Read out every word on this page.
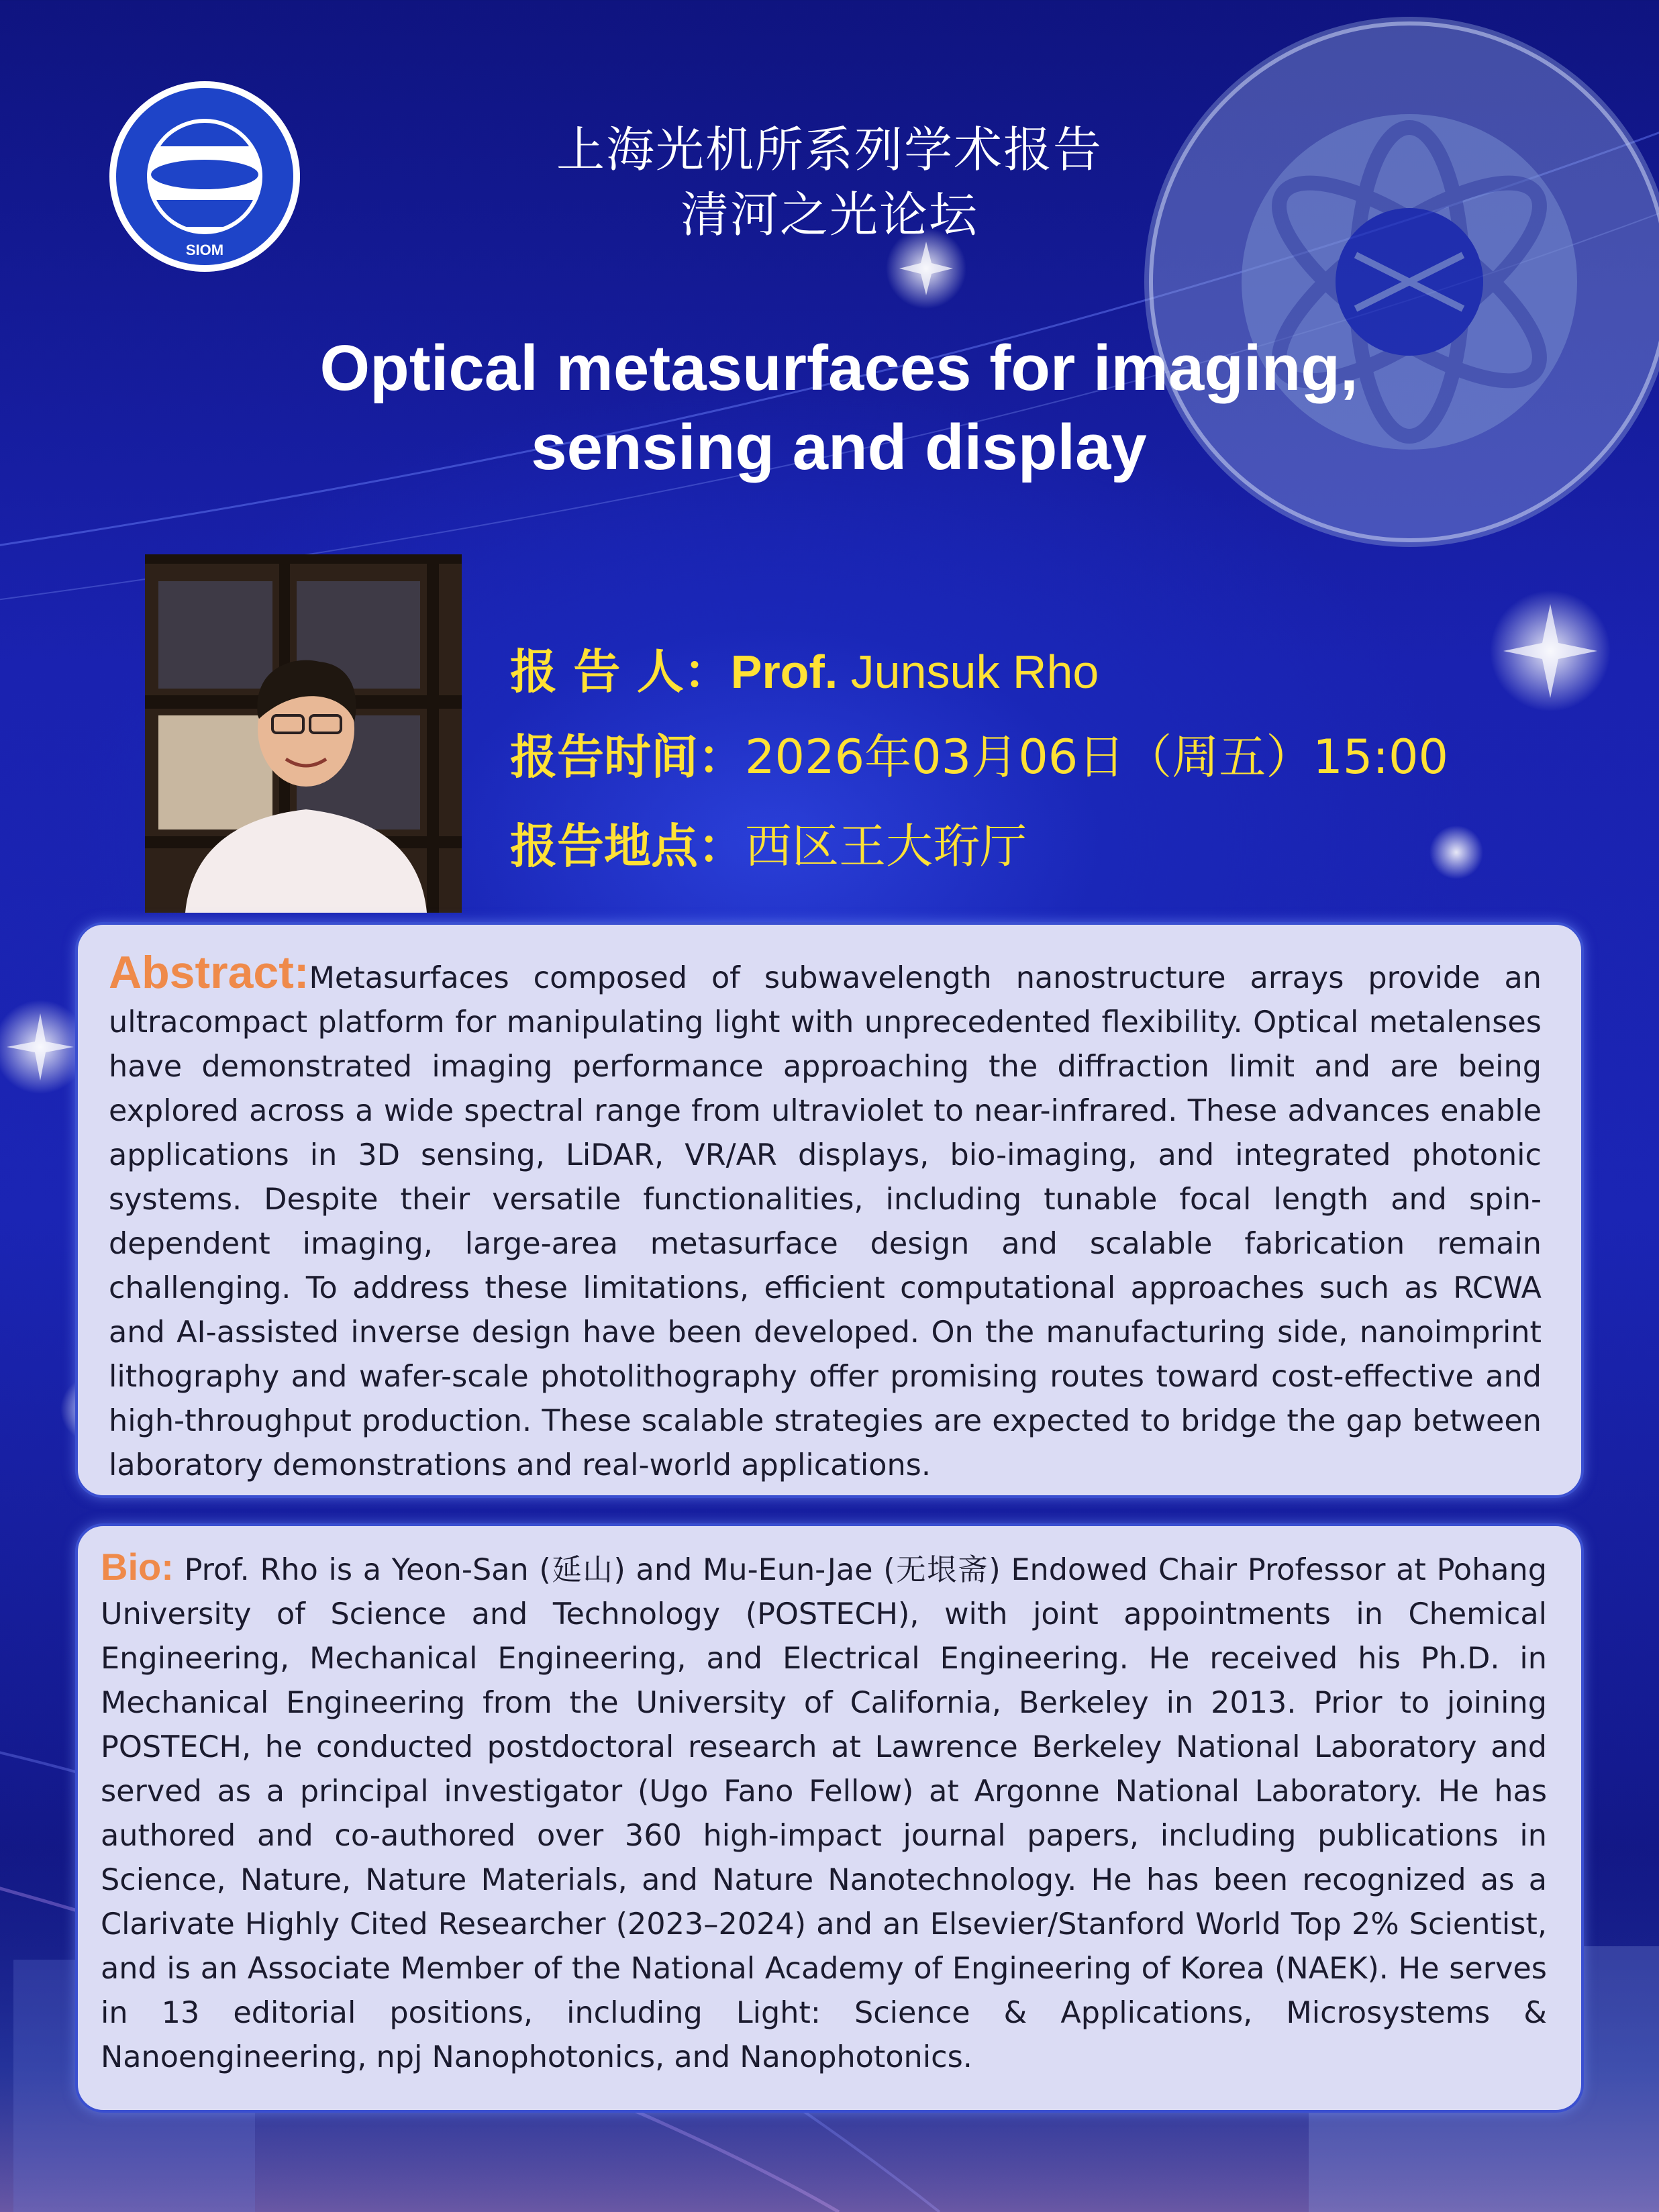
SIOM
上海光机所系列学术报告
清河之光论坛
Optical metasurfaces for imaging,
sensing and display
报 告 人：Prof. Junsuk Rho
报告时间：2026年03月06日（周五）15:00
报告地点：西区王大珩厅
Abstract:Metasurfaces composed of subwavelength nanostructure arrays provide an ultracompact platform for manipulating light with unprecedented flexibility. Optical metalenses have demonstrated imaging performance approaching the diffraction limit and are being explored across a wide spectral range from ultraviolet to near-infrared. These advances enable applications in 3D sensing, LiDAR, VR/AR displays, bio-imaging, and integrated photonic systems. Despite their versatile functionalities, including tunable focal length and spin-dependent imaging, large-area metasurface design and scalable fabrication remain challenging. To address these limitations, efficient computational approaches such as RCWA and AI-assisted inverse design have been developed. On the manufacturing side, nanoimprint lithography and wafer-scale photolithography offer promising routes toward cost-effective and high-throughput production. These scalable strategies are expected to bridge the gap between laboratory demonstrations and real-world applications.
Bio: Prof. Rho is a Yeon-San (延山) and Mu-Eun-Jae (无垠斋) Endowed Chair Professor at Pohang University of Science and Technology (POSTECH), with joint appointments in Chemical Engineering, Mechanical Engineering, and Electrical Engineering. He received his Ph.D. in Mechanical Engineering from the University of California, Berkeley in 2013. Prior to joining POSTECH, he conducted postdoctoral research at Lawrence Berkeley National Laboratory and served as a principal investigator (Ugo Fano Fellow) at Argonne National Laboratory. He has authored and co-authored over 360 high-impact journal papers, including publications in Science, Nature, Nature Materials, and Nature Nanotechnology. He has been recognized as a Clarivate Highly Cited Researcher (2023–2024) and an Elsevier/Stanford World Top 2% Scientist, and is an Associate Member of the National Academy of Engineering of Korea (NAEK). He serves in 13 editorial positions, including Light: Science & Applications, Microsystems & Nanoengineering, npj Nanophotonics, and Nanophotonics.
